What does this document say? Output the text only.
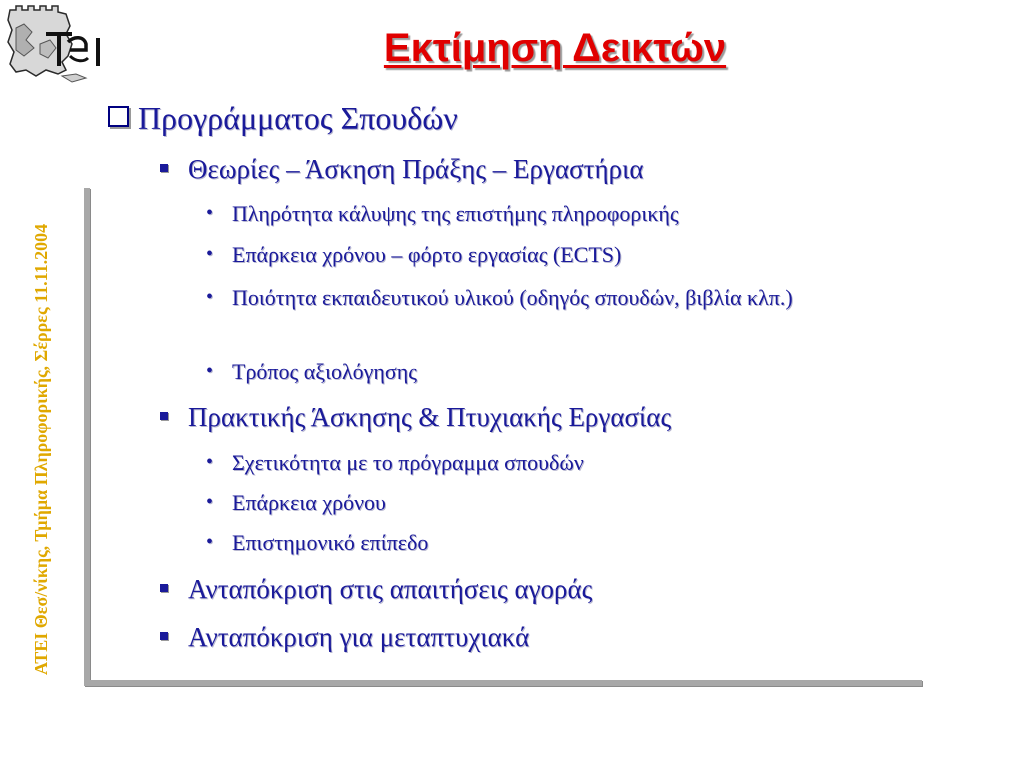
Εκτίμηση Δεικτών
ΑΤΕΙ Θεσ/νίκης, Τμήμα Πληροφορικής, Σέρρες 11.11.2004
Προγράμματος Σπουδών
Θεωρίες – Άσκηση Πράξης – Εργαστήρια
• Πληρότητα κάλυψης της επιστήμης πληροφορικής
• Επάρκεια χρόνου – φόρτο εργασίας (ECTS)
• Ποιότητα εκπαιδευτικού υλικού (οδηγός σπουδών, βιβλία κλπ.)
• Τρόπος αξιολόγησης
Πρακτικής Άσκησης & Πτυχιακής Εργασίας
• Σχετικότητα με το πρόγραμμα σπουδών
• Επάρκεια χρόνου
• Επιστημονικό επίπεδο
Ανταπόκριση στις απαιτήσεις αγοράς
Ανταπόκριση για μεταπτυχιακά
